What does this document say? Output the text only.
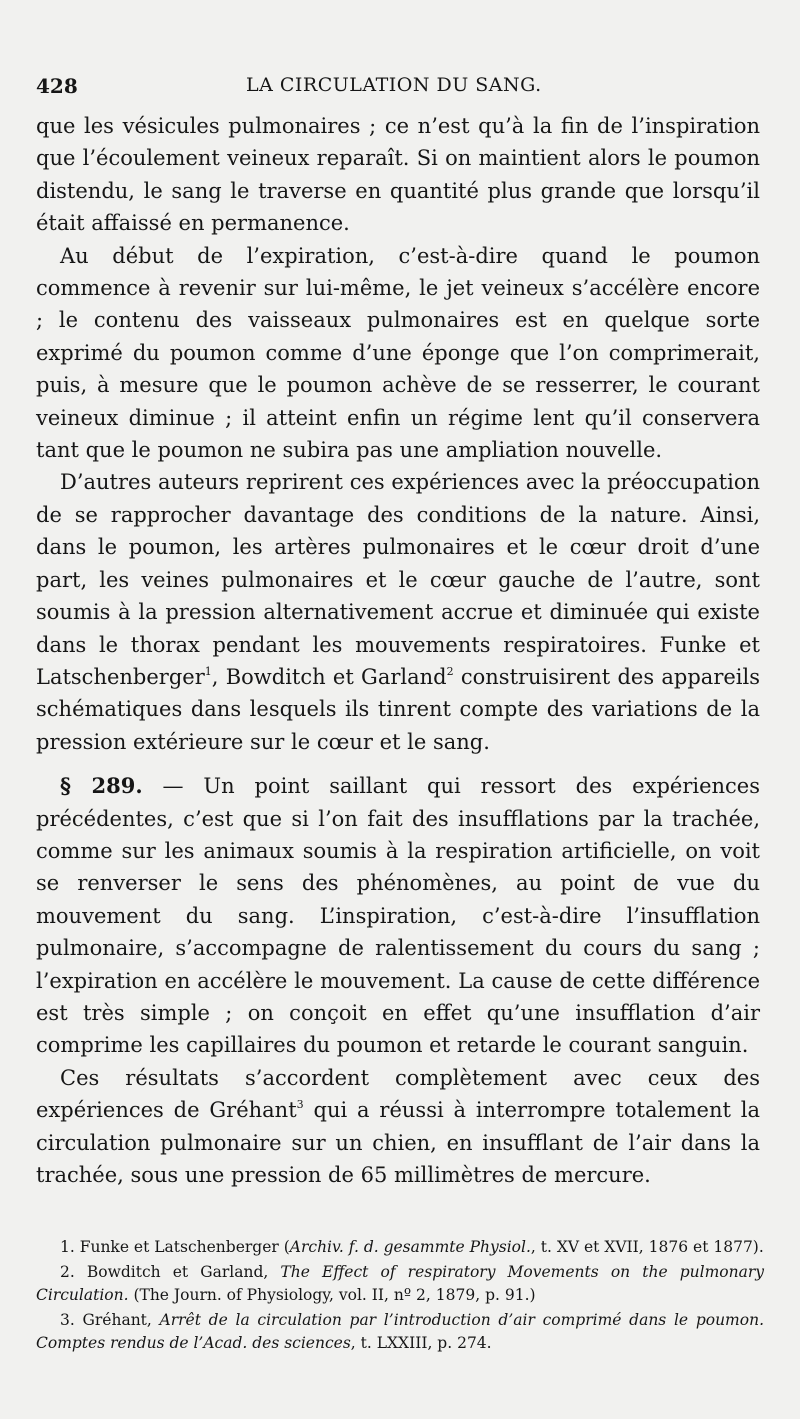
428	LA CIRCULATION DU SANG.

que les vésicules pulmonaires ; ce n’est qu’à la fin de l’inspiration que l’écoulement veineux reparaît. Si on maintient alors le poumon distendu, le sang le traverse en quantité plus grande que lorsqu’il était affaissé en permanence.

Au début de l’expiration, c’est-à-dire quand le poumon commence à revenir sur lui-même, le jet veineux s’accélère encore ; le contenu des vaisseaux pulmonaires est en quelque sorte exprimé du poumon comme d’une éponge que l’on comprimerait, puis, à mesure que le poumon achève de se resserrer, le courant veineux diminue ; il atteint enfin un régime lent qu’il conservera tant que le poumon ne subira pas une ampliation nouvelle.

D’autres auteurs reprirent ces expériences avec la préoccupation de se rapprocher davantage des conditions de la nature. Ainsi, dans le poumon, les artères pulmonaires et le cœur droit d’une part, les veines pulmonaires et le cœur gauche de l’autre, sont soumis à la pression alternativement accrue et diminuée qui existe dans le thorax pendant les mouvements respiratoires. Funke et Latschenberger$^1$, Bowditch et Garland$^2$ construisirent des appareils schématiques dans lesquels ils tinrent compte des variations de la pression extérieure sur le cœur et le sang.

§ 289. — Un point saillant qui ressort des expériences précédentes, c’est que si l’on fait des insufflations par la trachée, comme sur les animaux soumis à la respiration artificielle, on voit se renverser le sens des phénomènes, au point de vue du mouvement du sang. L’inspiration, c’est-à-dire l’insufflation pulmonaire, s’accompagne de ralentissement du cours du sang ; l’expiration en accélère le mouvement. La cause de cette différence est très simple ; on conçoit en effet qu’une insufflation d’air comprime les capillaires du poumon et retarde le courant sanguin.

Ces résultats s’accordent complètement avec ceux des expériences de Gréhant$^3$ qui a réussi à interrompre totalement la circulation pulmonaire sur un chien, en insufflant de l’air dans la trachée, sous une pression de 65 millimètres de mercure.

1. Funke et Latschenberger (Archiv. f. d. gesammte Physiol., t. XV et XVII, 1876 et 1877).

2. Bowditch et Garland, The Effect of respiratory Movements on the pulmonary Circulation. (The Journ. of Physiology, vol. II, nº 2, 1879, p. 91.)

3. Gréhant, Arrêt de la circulation par l’introduction d’air comprimé dans le poumon. Comptes rendus de l’Acad. des sciences, t. LXXIII, p. 274.
